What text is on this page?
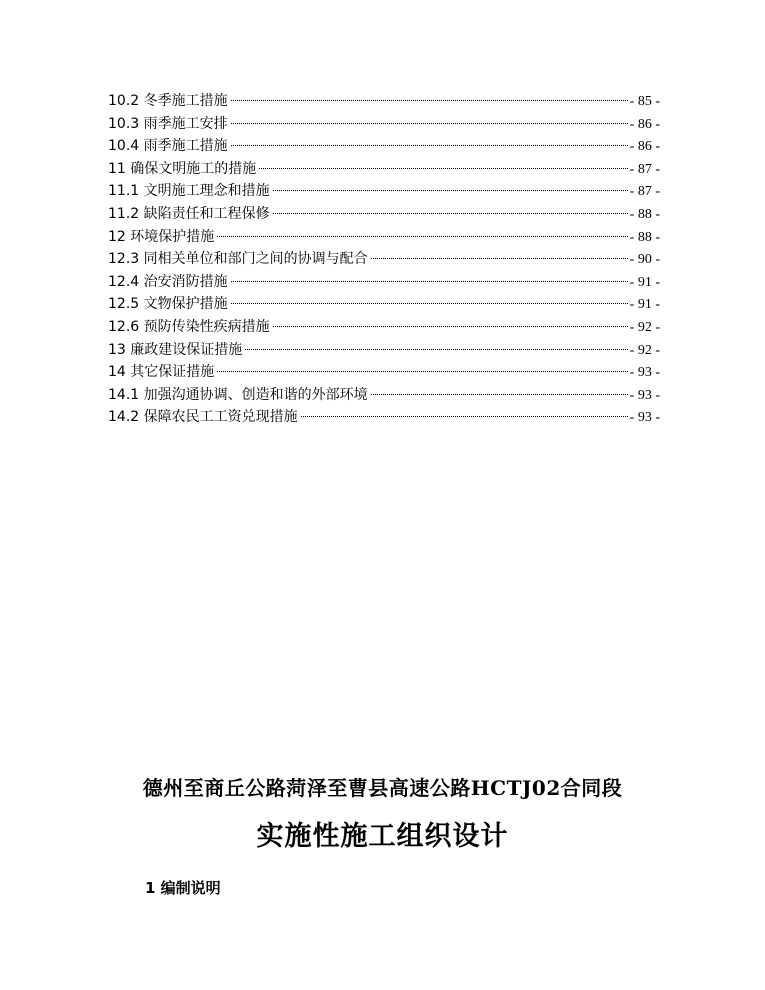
10.2 冬季施工措施	- 85 -
10.3 雨季施工安排	- 86 -
10.4 雨季施工措施	- 86 -
11 确保文明施工的措施	- 87 -
11.1 文明施工理念和措施	- 87 -
11.2 缺陷责任和工程保修	- 88 -
12 环境保护措施	- 88 -
12.3 同相关单位和部门之间的协调与配合	- 90 -
12.4 治安消防措施	- 91 -
12.5 文物保护措施	- 91 -
12.6 预防传染性疾病措施	- 92 -
13 廉政建设保证措施	- 92 -
14 其它保证措施	- 93 -
14.1 加强沟通协调、创造和谐的外部环境	- 93 -
14.2 保障农民工工资兑现措施	- 93 -
德州至商丘公路菏泽至曹县高速公路HCTJ02合同段
实施性施工组织设计
1 编制说明
